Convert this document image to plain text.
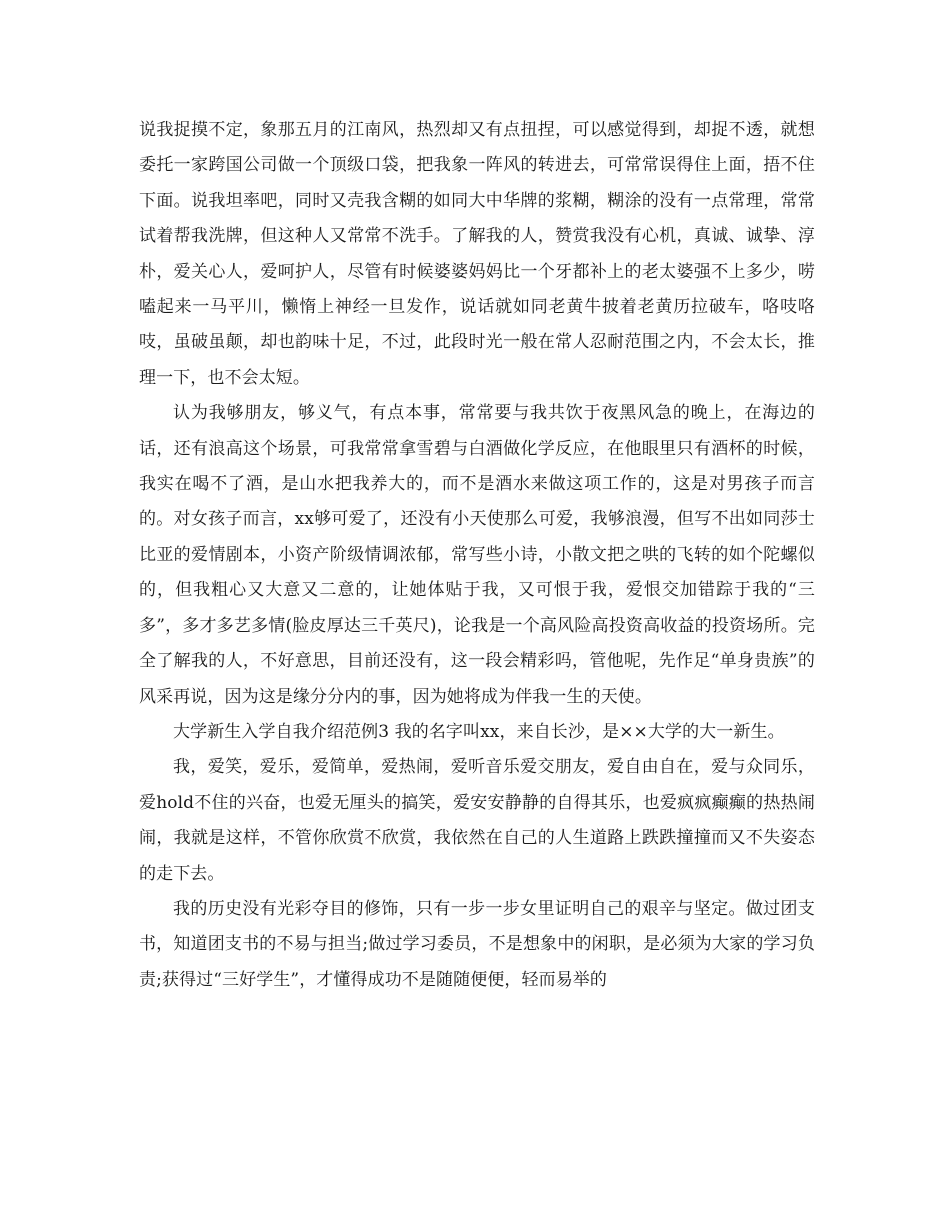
说我捉摸不定，象那五月的江南风，热烈却又有点扭捏，可以感觉得到，却捉不透，就想委托一家跨国公司做一个顶级口袋，把我象一阵风的转进去，可常常误得住上面，捂不住下面。说我坦率吧，同时又壳我含糊的如同大中华牌的浆糊，糊涂的没有一点常理，常常试着帮我洗牌，但这种人又常常不洗手。了解我的人，赞赏我没有心机，真诚、诚挚、淳朴，爱关心人，爱呵护人，尽管有时候婆婆妈妈比一个牙都补上的老太婆强不上多少，唠嗑起来一马平川，懒惰上神经一旦发作，说话就如同老黄牛披着老黄历拉破车，咯吱咯吱，虽破虽颠，却也韵味十足，不过，此段时光一般在常人忍耐范围之内，不会太长，推理一下，也不会太短。

认为我够朋友，够义气，有点本事，常常要与我共饮于夜黑风急的晚上，在海边的话，还有浪高这个场景，可我常常拿雪碧与白酒做化学反应，在他眼里只有酒杯的时候，我实在喝不了酒，是山水把我养大的，而不是酒水来做这项工作的，这是对男孩子而言的。对女孩子而言，xx够可爱了，还没有小天使那么可爱，我够浪漫，但写不出如同莎士比亚的爱情剧本，小资产阶级情调浓郁，常写些小诗，小散文把之哄的飞转的如个陀螺似的，但我粗心又大意又二意的，让她体贴于我，又可恨于我，爱恨交加错踪于我的“三多”，多才多艺多情(脸皮厚达三千英尺)，论我是一个高风险高投资高收益的投资场所。完全了解我的人，不好意思，目前还没有，这一段会精彩吗，管他呢，先作足“单身贵族”的风采再说，因为这是缘分分内的事，因为她将成为伴我一生的天使。

大学新生入学自我介绍范例3 我的名字叫xx，来自长沙，是××大学的大一新生。

我，爱笑，爱乐，爱简单，爱热闹，爱听音乐爱交朋友，爱自由自在，爱与众同乐，爱hold不住的兴奋，也爱无厘头的搞笑，爱安安静静的自得其乐，也爱疯疯癫癫的热热闹闹，我就是这样，不管你欣赏不欣赏，我依然在自己的人生道路上跌跌撞撞而又不失姿态的走下去。

我的历史没有光彩夺目的修饰，只有一步一步女里证明自己的艰辛与坚定。做过团支书，知道团支书的不易与担当;做过学习委员，不是想象中的闲职，是必须为大家的学习负责;获得过“三好学生”，才懂得成功不是随随便便，轻而易举的
